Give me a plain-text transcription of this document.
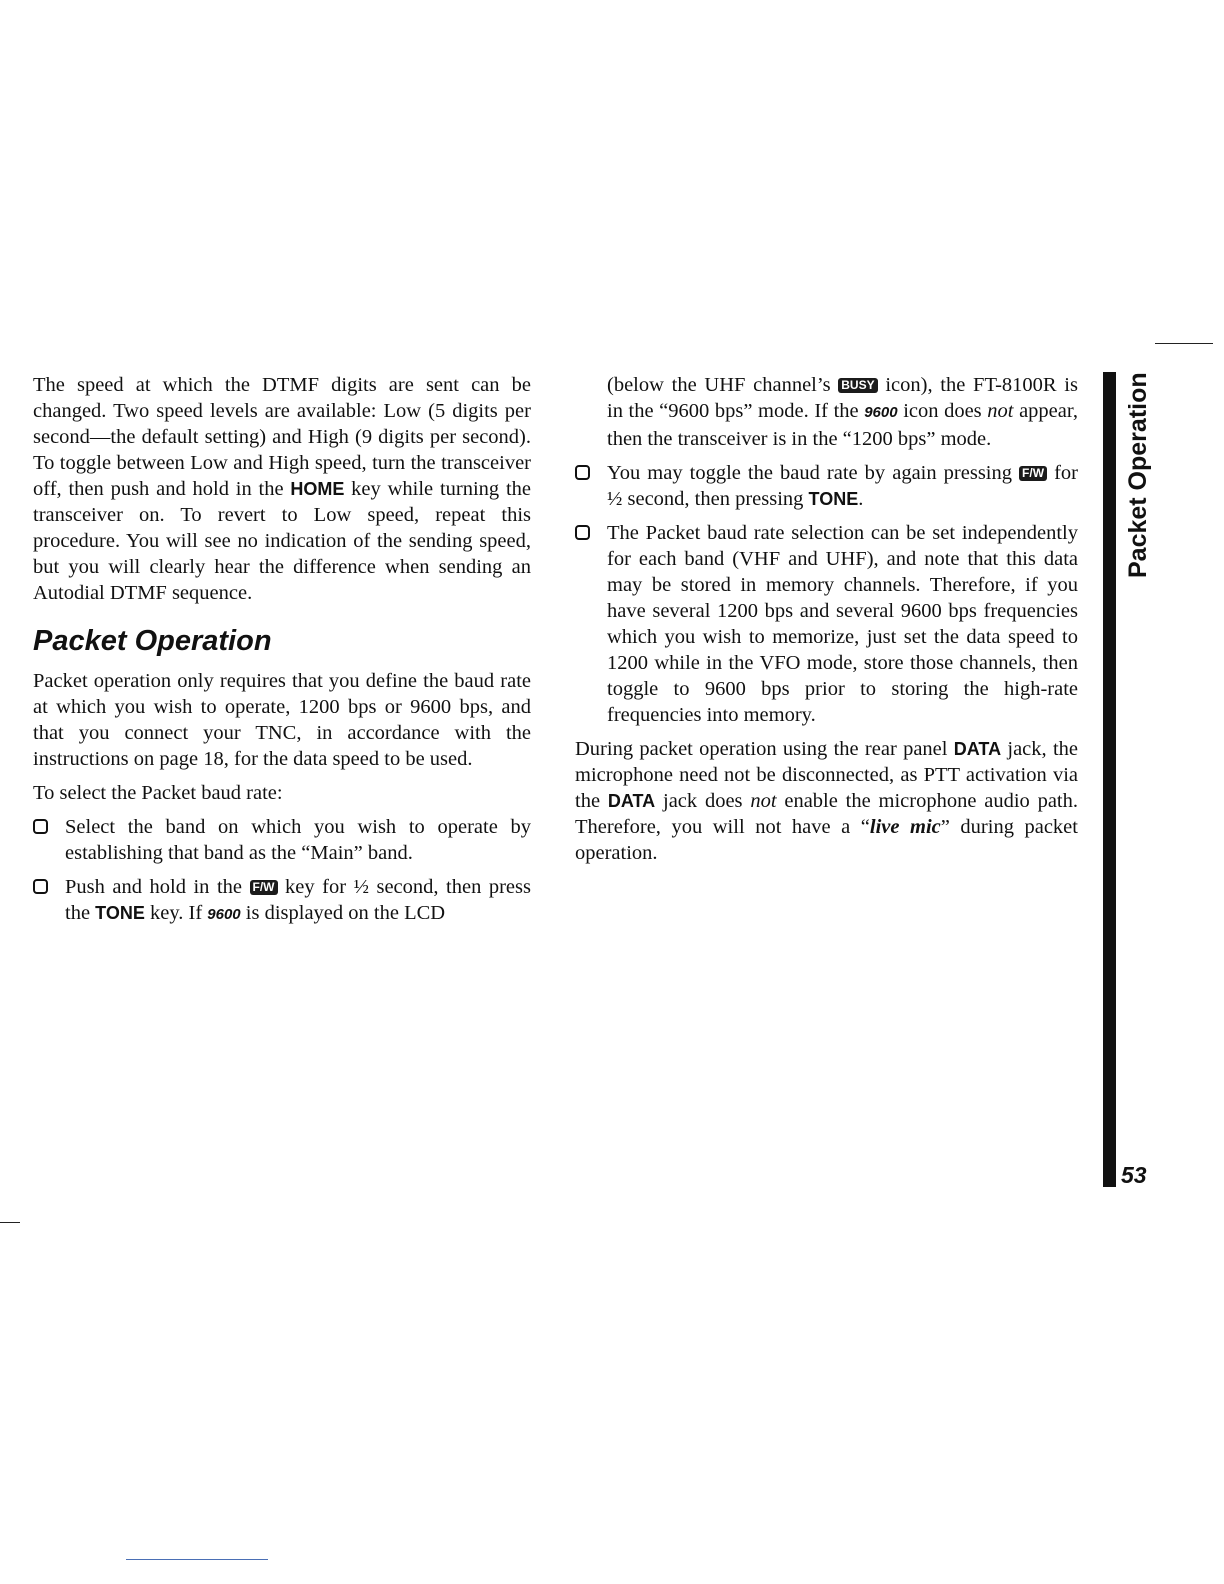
The speed at which the DTMF digits are sent can be changed. Two speed levels are available: Low (5 digits per second—the default setting) and High (9 digits per second). To toggle between Low and High speed, turn the transceiver off, then push and hold in the HOME key while turning the transceiver on. To revert to Low speed, repeat this procedure. You will see no indication of the sending speed, but you will clearly hear the difference when sending an Autodial DTMF sequence.

Packet Operation

Packet operation only requires that you define the baud rate at which you wish to operate, 1200 bps or 9600 bps, and that you connect your TNC, in accordance with the instructions on page 18, for the data speed to be used.

To select the Packet baud rate:

Select the band on which you wish to operate by establishing that band as the “Main” band.
Push and hold in the F/W key for ½ second, then press the TONE key. If 9600 is displayed on the LCD

(below the UHF channel’s BUSY icon), the FT-8100R is in the “9600 bps” mode. If the 9600 icon does not appear, then the transceiver is in the “1200 bps” mode.

You may toggle the baud rate by again pressing F/W for ½ second, then pressing TONE.
The Packet baud rate selection can be set independently for each band (VHF and UHF), and note that this data may be stored in memory channels. Therefore, if you have several 1200 bps and several 9600 bps frequencies which you wish to memorize, just set the data speed to 1200 while in the VFO mode, store those channels, then toggle to 9600 bps prior to storing the high-rate frequencies into memory.

During packet operation using the rear panel DATA jack, the microphone need not be disconnected, as PTT activation via the DATA jack does not enable the microphone audio path. Therefore, you will not have a “live mic” during packet operation.

Packet Operation
53
